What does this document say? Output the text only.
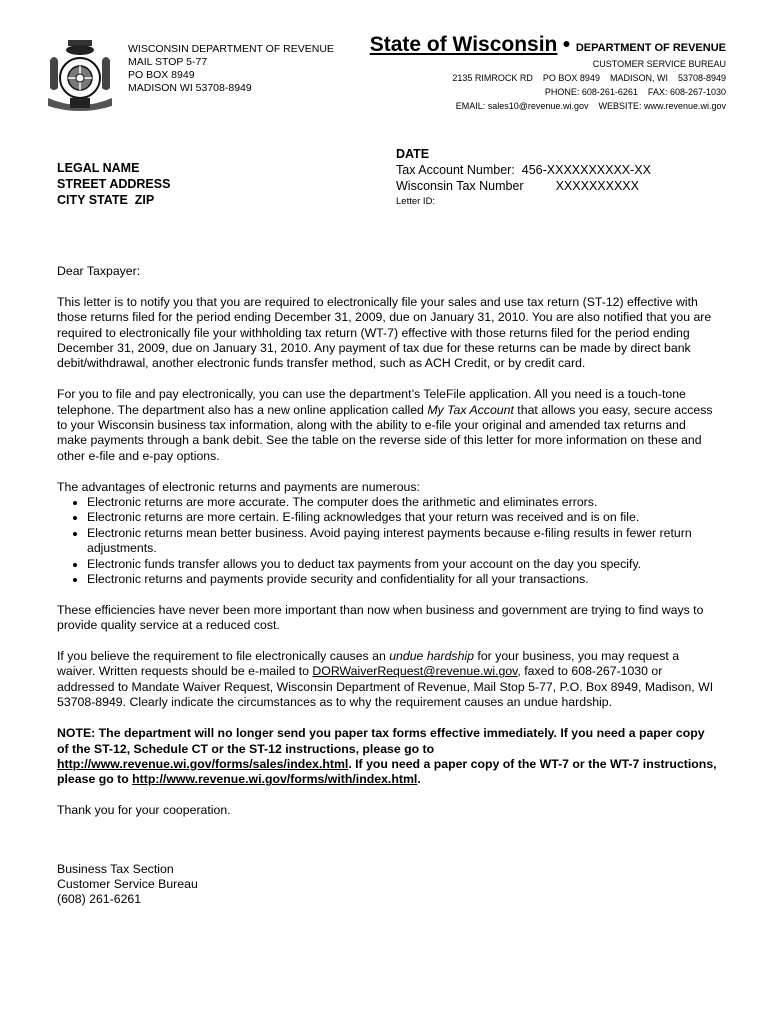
WISCONSIN DEPARTMENT OF REVENUE
MAIL STOP 5-77
PO BOX 8949
MADISON WI 53708-8949
State of Wisconsin ● DEPARTMENT OF REVENUE
CUSTOMER SERVICE BUREAU
2135 RIMROCK RD    PO BOX 8949    MADISON, WI    53708-8949
PHONE: 608-261-6261    FAX: 608-267-1030
EMAIL: sales10@revenue.wi.gov    WEBSITE: www.revenue.wi.gov
LEGAL NAME
STREET ADDRESS
CITY STATE  ZIP
DATE
Tax Account Number:  456-XXXXXXXXXX-XX
Wisconsin Tax Number	XXXXXXXXXX
Letter ID:

Dear Taxpayer:

This letter is to notify you that you are required to electronically file your sales and use tax return (ST-12) effective with those returns filed for the period ending December 31, 2009, due on January 31, 2010. You are also notified that you are required to electronically file your withholding tax return (WT-7) effective with those returns filed for the period ending December 31, 2009, due on January 31, 2010. Any payment of tax due for these returns can be made by direct bank debit/withdrawal, another electronic funds transfer method, such as ACH Credit, or by credit card.

For you to file and pay electronically, you can use the department’s TeleFile application. All you need is a touch-tone telephone. The department also has a new online application called My Tax Account that allows you easy, secure access to your Wisconsin business tax information, along with the ability to e-file your original and amended tax returns and make payments through a bank debit. See the table on the reverse side of this letter for more information on these and other e-file and e-pay options.

The advantages of electronic returns and payments are numerous:

• Electronic returns are more accurate. The computer does the arithmetic and eliminates errors.
• Electronic returns are more certain. E-filing acknowledges that your return was received and is on file.
• Electronic returns mean better business. Avoid paying interest payments because e-filing results in fewer return adjustments.
• Electronic funds transfer allows you to deduct tax payments from your account on the day you specify.
• Electronic returns and payments provide security and confidentiality for all your transactions.

These efficiencies have never been more important than now when business and government are trying to find ways to provide quality service at a reduced cost.

If you believe the requirement to file electronically causes an undue hardship for your business, you may request a waiver. Written requests should be e-mailed to DORWaiverRequest@revenue.wi.gov, faxed to 608-267-1030 or addressed to Mandate Waiver Request, Wisconsin Department of Revenue, Mail Stop 5-77, P.O. Box 8949, Madison, WI 53708-8949. Clearly indicate the circumstances as to why the requirement causes an undue hardship.

NOTE: The department will no longer send you paper tax forms effective immediately. If you need a paper copy of the ST-12, Schedule CT or the ST-12 instructions, please go to http://www.revenue.wi.gov/forms/sales/index.html. If you need a paper copy of the WT-7 or the WT-7 instructions, please go to http://www.revenue.wi.gov/forms/with/index.html.

Thank you for your cooperation.

Business Tax Section
Customer Service Bureau
(608) 261-6261
